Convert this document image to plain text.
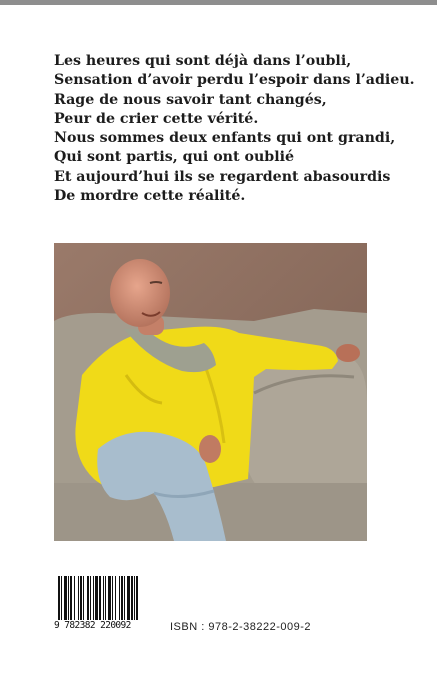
Les heures qui sont déjà dans l’oubli,
Sensation d’avoir perdu l’espoir dans l’adieu.
Rage de nous savoir tant changés,
Peur de crier cette vérité.
Nous sommes deux enfants qui ont grandi,
Qui sont partis, qui ont oublié
Et aujourd’hui ils se regardent abasourdis
De mordre cette réalité.
9 782382 220092	ISBN : 978-2-38222-009-2
